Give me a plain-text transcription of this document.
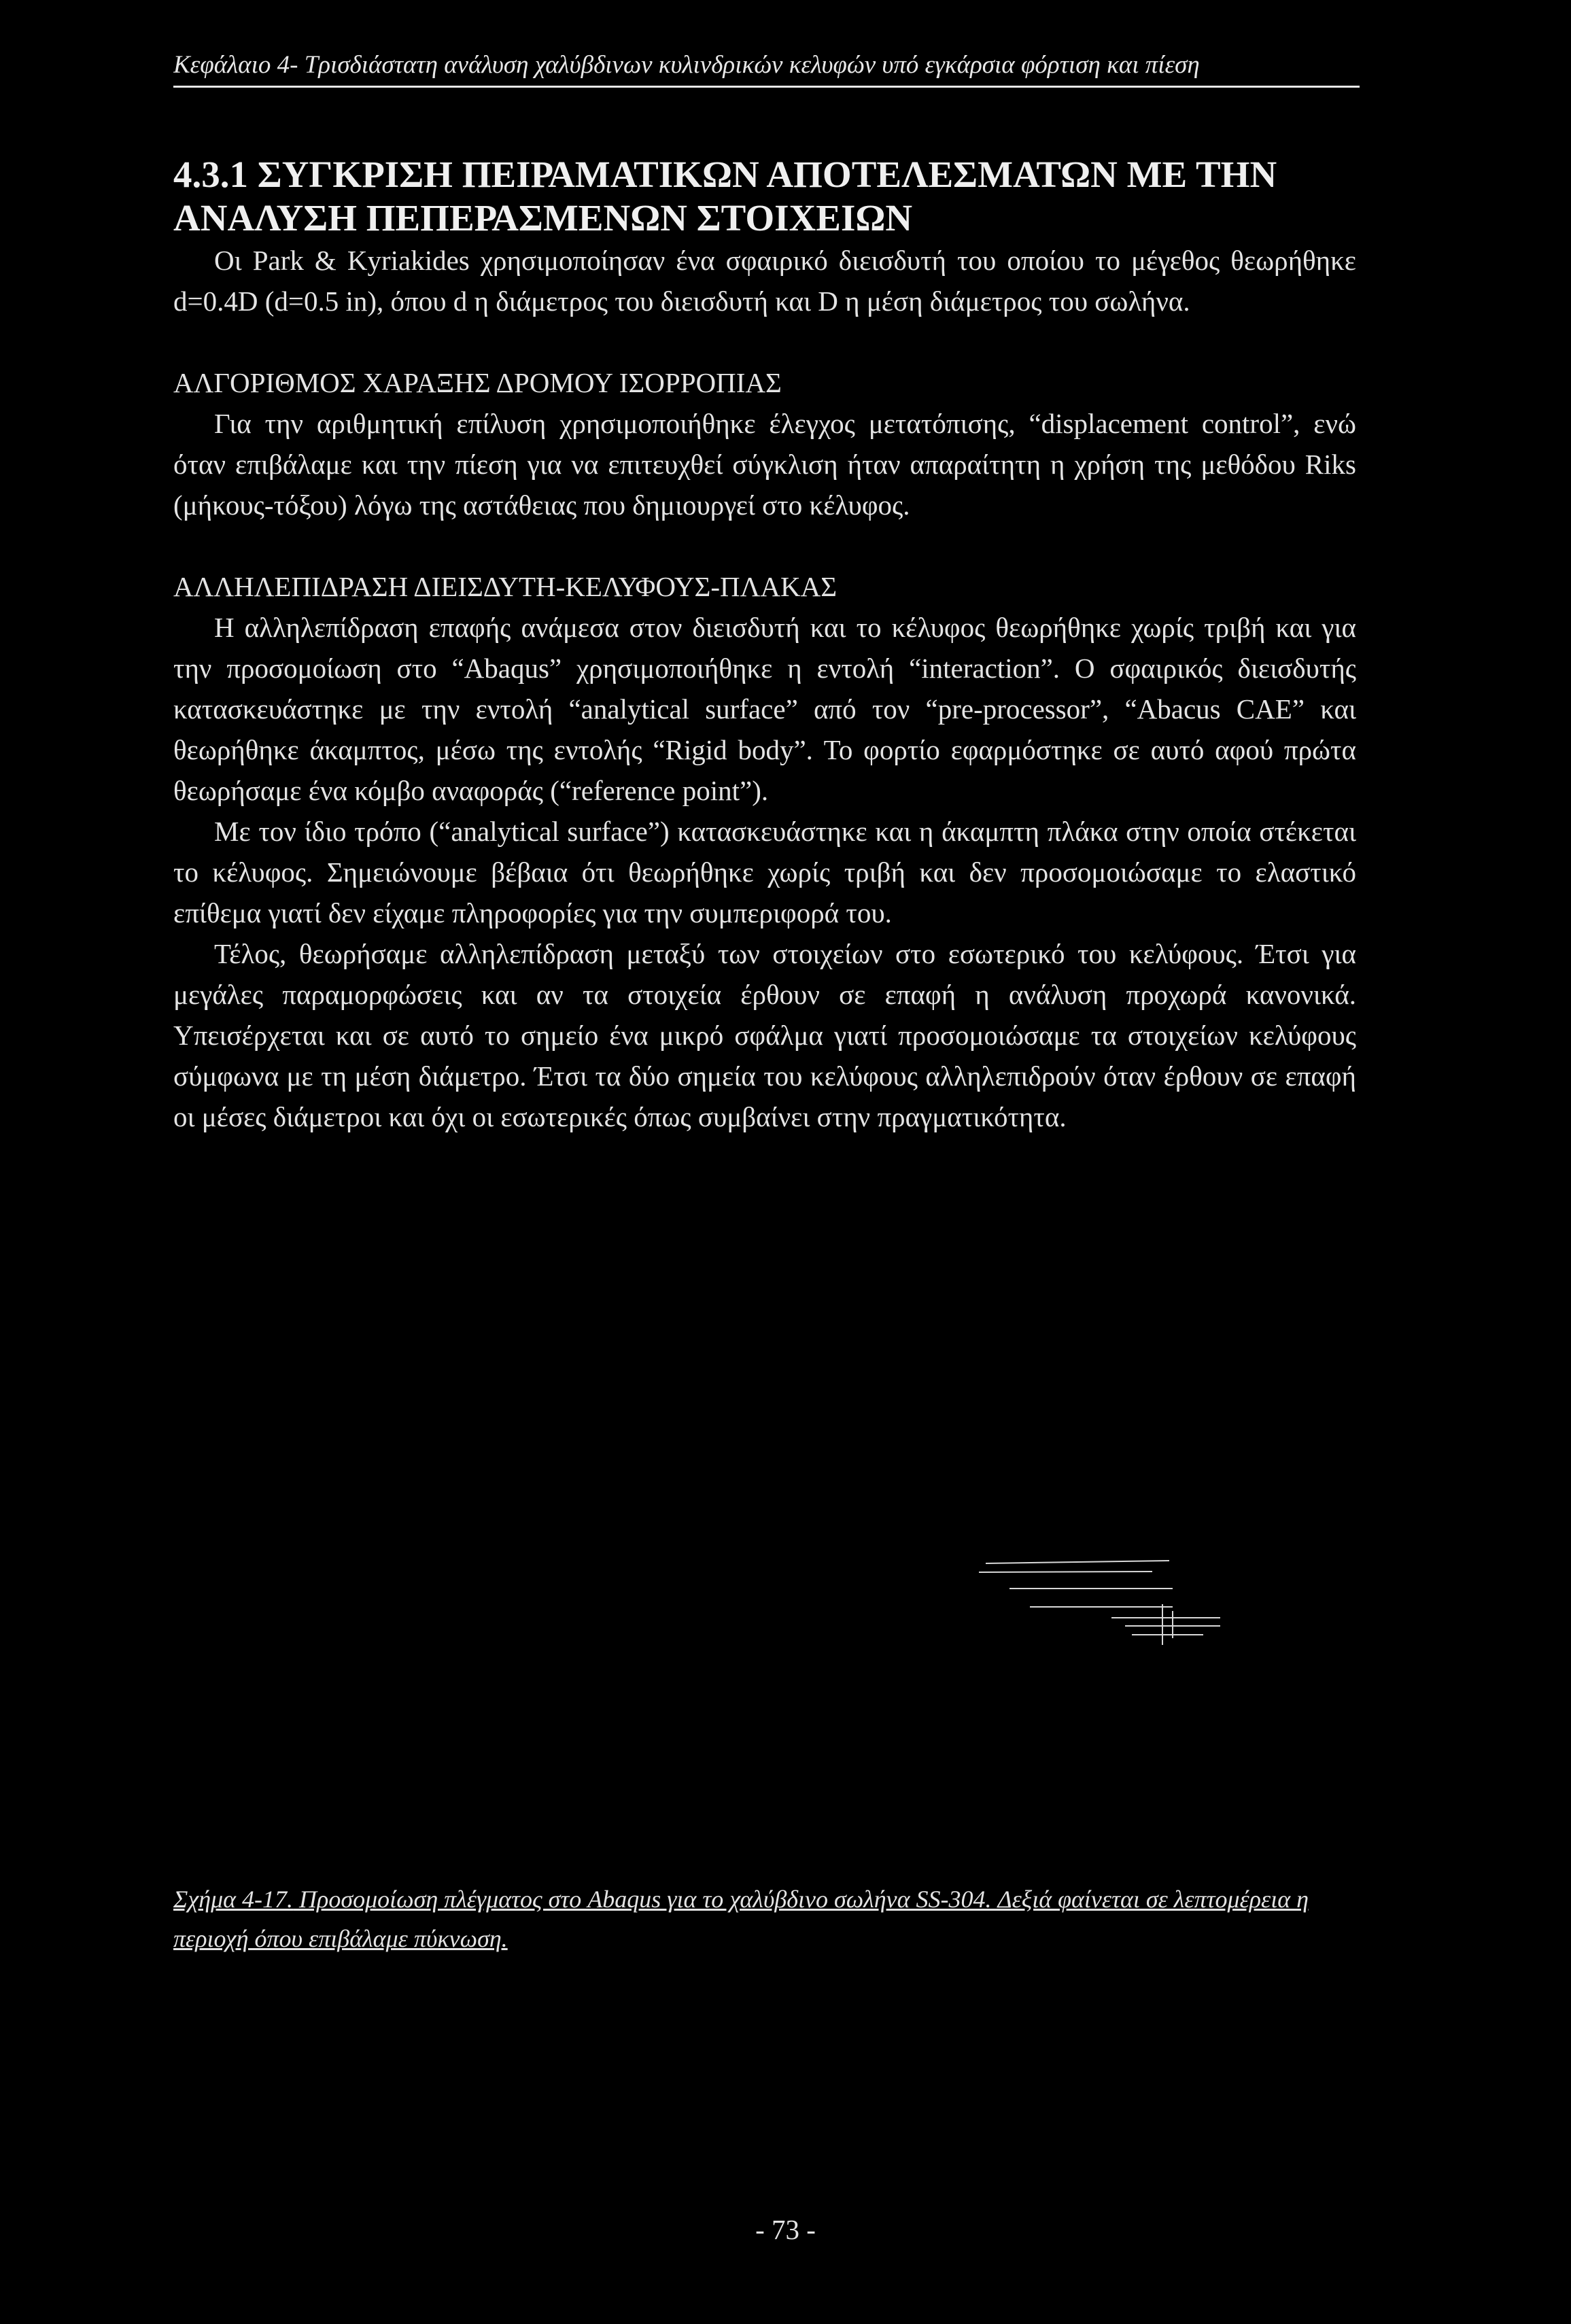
Κεφάλαιο 4- Τρισδιάστατη ανάλυση χαλύβδινων κυλινδρικών κελυφών υπό εγκάρσια φόρτιση και πίεση
4.3.1 ΣΥΓΚΡΙΣΗ ΠΕΙΡΑΜΑΤΙΚΩΝ ΑΠΟΤΕΛΕΣΜΑΤΩΝ ΜΕ ΤΗΝ
ΑΝΑΛΥΣΗ ΠΕΠΕΡΑΣΜΕΝΩΝ ΣΤΟΙΧΕΙΩΝ

Οι Park & Kyriakides χρησιμοποίησαν ένα σφαιρικό διεισδυτή του οποίου το μέγεθος θεωρήθηκε d=0.4D (d=0.5 in), όπου d η διάμετρος του διεισδυτή και D η μέση διάμετρος του σωλήνα.

ΑΛΓΟΡΙΘΜΟΣ ΧΑΡΑΞΗΣ ΔΡΟΜΟΥ ΙΣΟΡΡΟΠΙΑΣ

Για την αριθμητική επίλυση χρησιμοποιήθηκε έλεγχος μετατόπισης, “displacement control”, ενώ όταν επιβάλαμε και την πίεση για να επιτευχθεί σύγκλιση ήταν απαραίτητη η χρήση της μεθόδου Riks (μήκους-τόξου) λόγω της αστάθειας που δημιουργεί στο κέλυφος.

ΑΛΛΗΛΕΠΙΔΡΑΣΗ ΔΙΕΙΣΔΥΤΗ-ΚΕΛΥΦΟΥΣ-ΠΛΑΚΑΣ

Η αλληλεπίδραση επαφής ανάμεσα στον διεισδυτή και το κέλυφος θεωρήθηκε χωρίς τριβή και για την προσομοίωση στο “Abaqus” χρησιμοποιήθηκε η εντολή “interaction”. Ο σφαιρικός διεισδυτής κατασκευάστηκε με την εντολή “analytical surface” από τον “pre-processor”, “Abacus CAE” και θεωρήθηκε άκαμπτος, μέσω της εντολής “Rigid body”. Το φορτίο εφαρμόστηκε σε αυτό αφού πρώτα θεωρήσαμε ένα κόμβο αναφοράς (“reference point”).

Με τον ίδιο τρόπο (“analytical surface”) κατασκευάστηκε και η άκαμπτη πλάκα στην οποία στέκεται το κέλυφος. Σημειώνουμε βέβαια ότι θεωρήθηκε χωρίς τριβή και δεν προσομοιώσαμε το ελαστικό επίθεμα γιατί δεν είχαμε πληροφορίες για την συμπεριφορά του.

Τέλος, θεωρήσαμε αλληλεπίδραση μεταξύ των στοιχείων στο εσωτερικό του κελύφους. Έτσι για μεγάλες παραμορφώσεις και αν τα στοιχεία έρθουν σε επαφή η ανάλυση προχωρά κανονικά. Υπεισέρχεται και σε αυτό το σημείο ένα μικρό σφάλμα γιατί προσομοιώσαμε τα στοιχείων κελύφους σύμφωνα με τη μέση διάμετρο. Έτσι τα δύο σημεία του κελύφους αλληλεπιδρούν όταν έρθουν σε επαφή οι μέσες διάμετροι και όχι οι εσωτερικές όπως συμβαίνει στην πραγματικότητα.

Σχήμα 4-17. Προσομοίωση πλέγματος στο Abaqus για το χαλύβδινο σωλήνα SS-304. Δεξιά φαίνεται σε λεπτομέρεια η περιοχή όπου επιβάλαμε πύκνωση.
- 73 -
